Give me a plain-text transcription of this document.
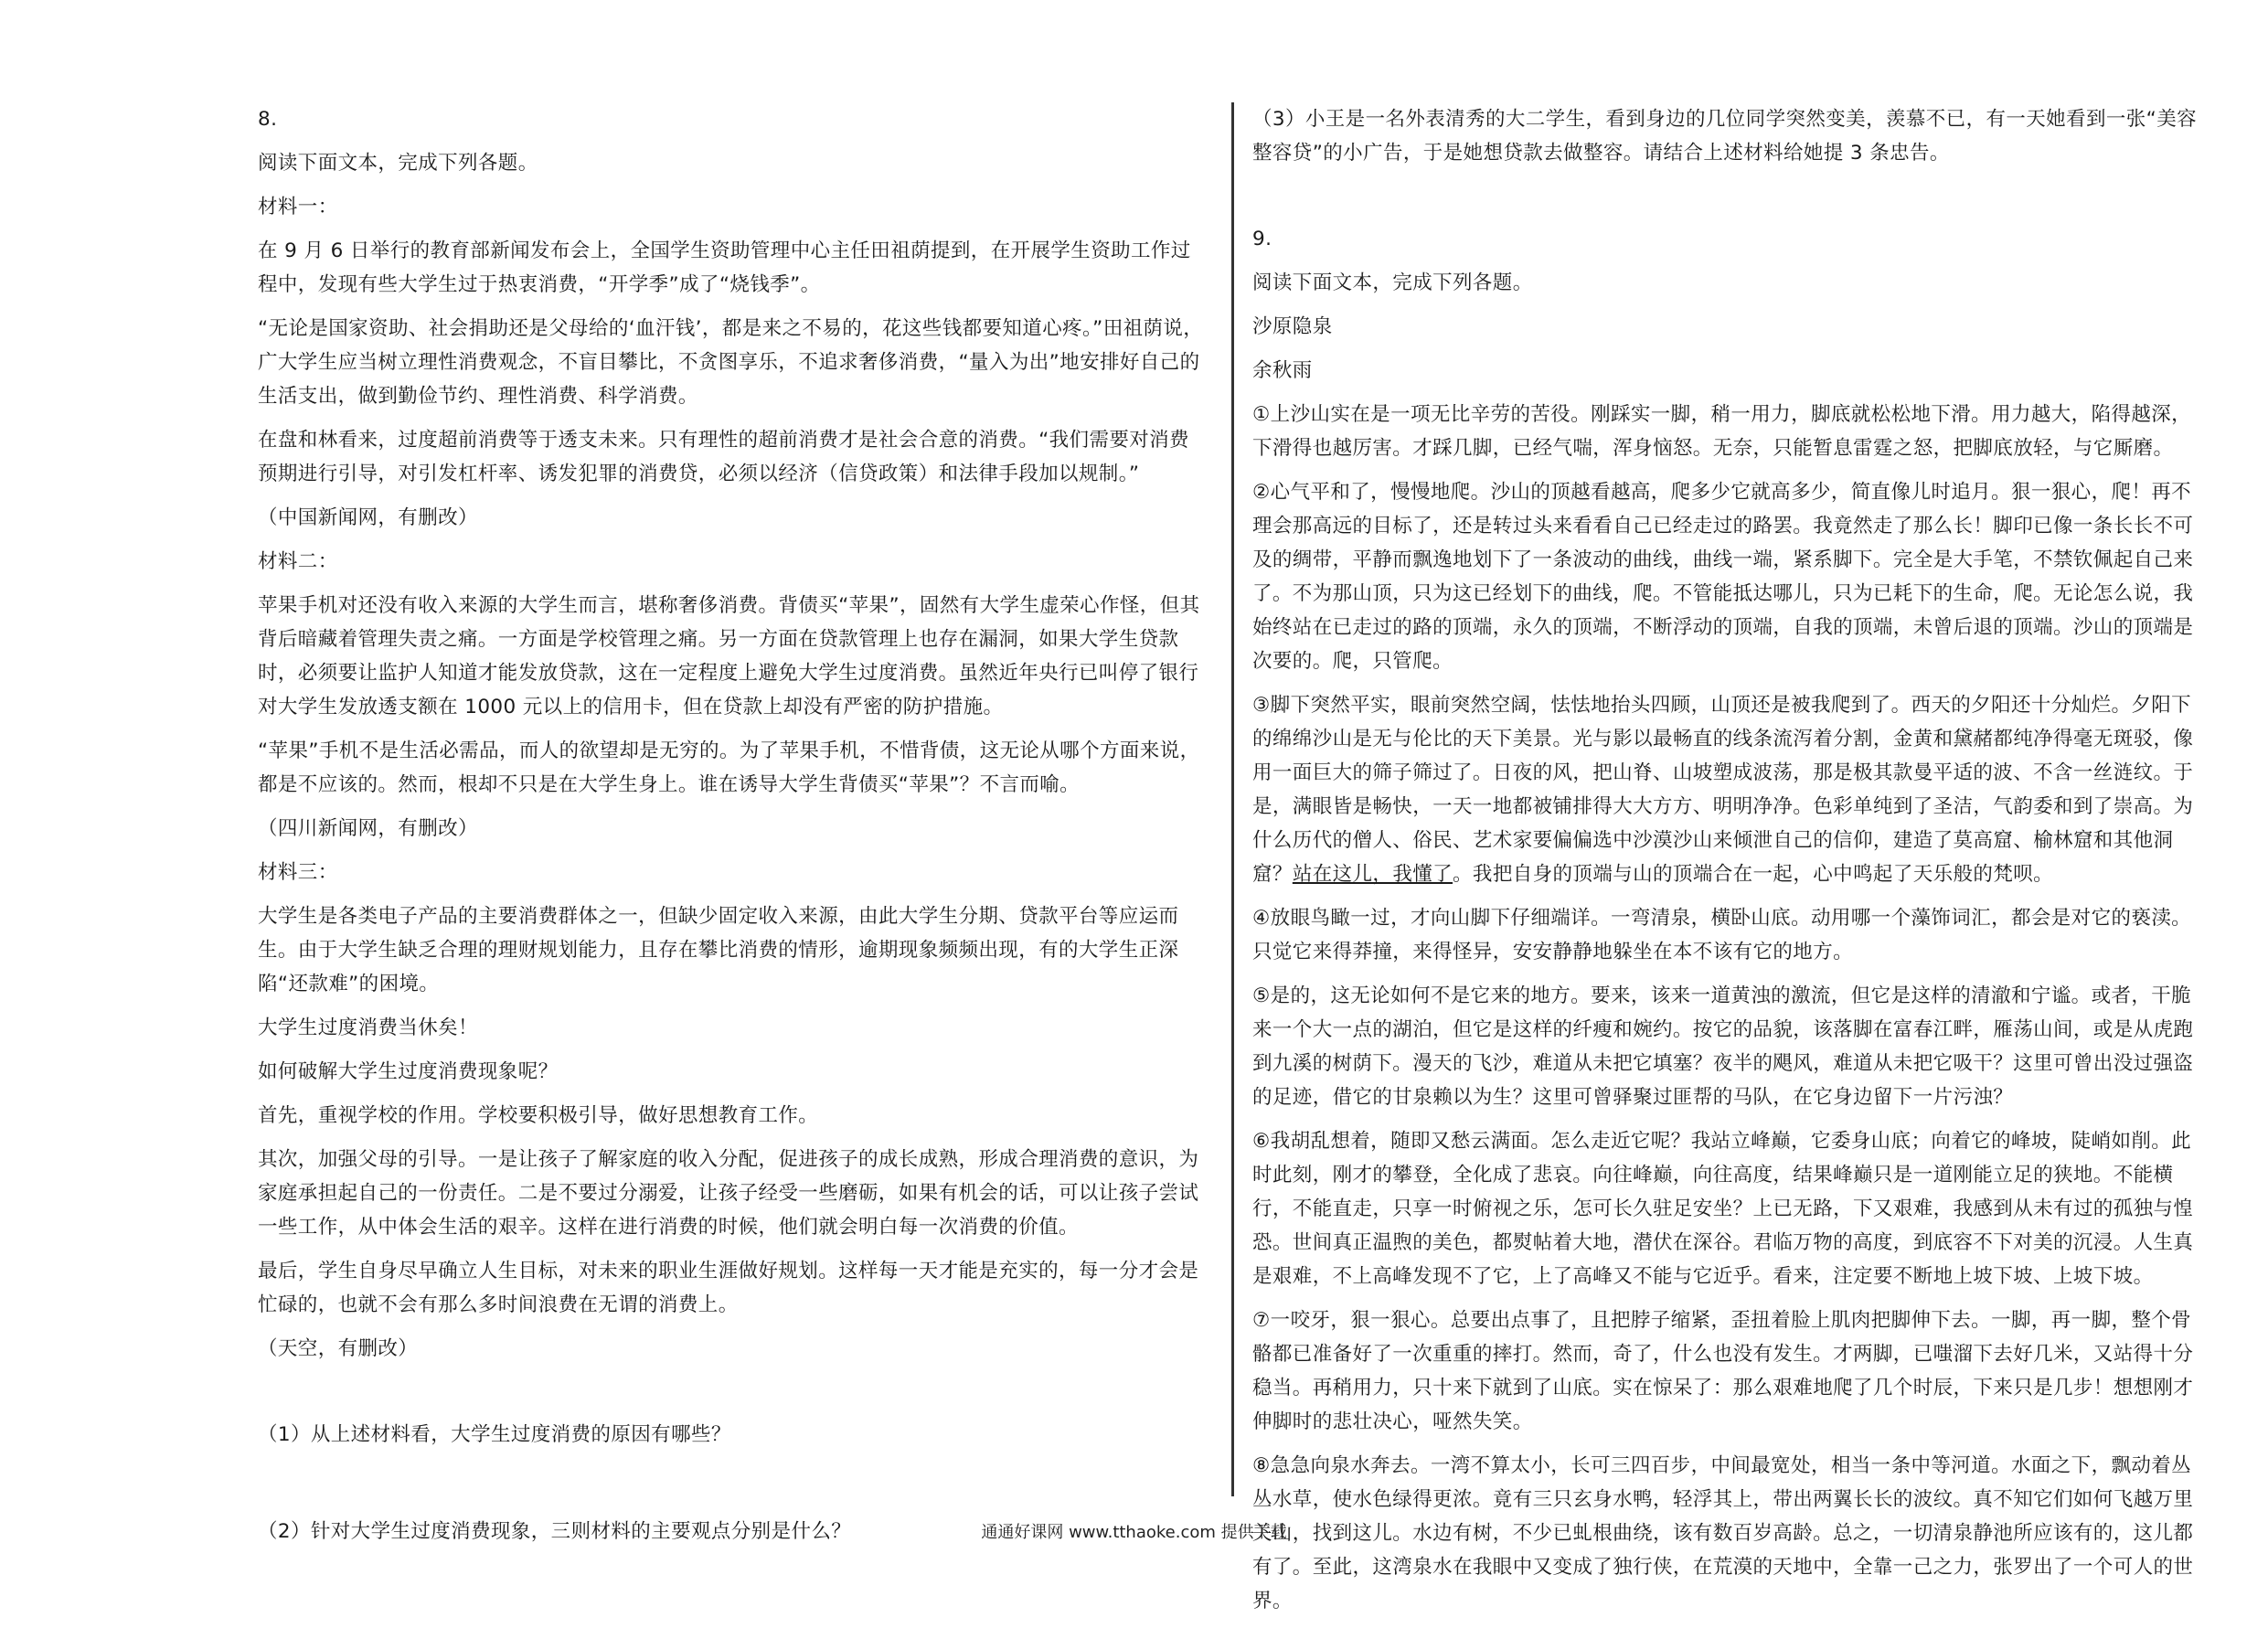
8.

阅读下面文本，完成下列各题。

材料一：

在 9 月 6 日举行的教育部新闻发布会上，全国学生资助管理中心主任田祖荫提到，在开展学生资助工作过程中，发现有些大学生过于热衷消费，“开学季”成了“烧钱季”。

“无论是国家资助、社会捐助还是父母给的‘血汗钱’，都是来之不易的，花这些钱都要知道心疼。”田祖荫说，广大学生应当树立理性消费观念，不盲目攀比，不贪图享乐，不追求奢侈消费，“量入为出”地安排好自己的生活支出，做到勤俭节约、理性消费、科学消费。

在盘和林看来，过度超前消费等于透支未来。只有理性的超前消费才是社会合意的消费。“我们需要对消费预期进行引导，对引发杠杆率、诱发犯罪的消费贷，必须以经济（信贷政策）和法律手段加以规制。”

（中国新闻网，有删改）

材料二：

苹果手机对还没有收入来源的大学生而言，堪称奢侈消费。背债买“苹果”，固然有大学生虚荣心作怪，但其背后暗藏着管理失责之痛。一方面是学校管理之痛。另一方面在贷款管理上也存在漏洞，如果大学生贷款时，必须要让监护人知道才能发放贷款，这在一定程度上避免大学生过度消费。虽然近年央行已叫停了银行对大学生发放透支额在 1000 元以上的信用卡，但在贷款上却没有严密的防护措施。

“苹果”手机不是生活必需品，而人的欲望却是无穷的。为了苹果手机，不惜背债，这无论从哪个方面来说，都是不应该的。然而，根却不只是在大学生身上。谁在诱导大学生背债买“苹果”？不言而喻。

（四川新闻网，有删改）

材料三：

大学生是各类电子产品的主要消费群体之一，但缺少固定收入来源，由此大学生分期、贷款平台等应运而生。由于大学生缺乏合理的理财规划能力，且存在攀比消费的情形，逾期现象频频出现，有的大学生正深陷“还款难”的困境。

大学生过度消费当休矣！

如何破解大学生过度消费现象呢？

首先，重视学校的作用。学校要积极引导，做好思想教育工作。

其次，加强父母的引导。一是让孩子了解家庭的收入分配，促进孩子的成长成熟，形成合理消费的意识，为家庭承担起自己的一份责任。二是不要过分溺爱，让孩子经受一些磨砺，如果有机会的话，可以让孩子尝试一些工作，从中体会生活的艰辛。这样在进行消费的时候，他们就会明白每一次消费的价值。

最后，学生自身尽早确立人生目标，对未来的职业生涯做好规划。这样每一天才能是充实的，每一分才会是忙碌的，也就不会有那么多时间浪费在无谓的消费上。

（天空，有删改）

（1）从上述材料看，大学生过度消费的原因有哪些？

（2）针对大学生过度消费现象，三则材料的主要观点分别是什么？

（3）小王是一名外表清秀的大二学生，看到身边的几位同学突然变美，羡慕不已，有一天她看到一张“美容整容贷”的小广告，于是她想贷款去做整容。请结合上述材料给她提 3 条忠告。

9.

阅读下面文本，完成下列各题。

沙原隐泉

余秋雨

①上沙山实在是一项无比辛劳的苦役。刚踩实一脚，稍一用力，脚底就松松地下滑。用力越大，陷得越深，下滑得也越厉害。才踩几脚，已经气喘，浑身恼怒。无奈，只能暂息雷霆之怒，把脚底放轻，与它厮磨。

②心气平和了，慢慢地爬。沙山的顶越看越高，爬多少它就高多少，简直像儿时追月。狠一狠心，爬！再不理会那高远的目标了，还是转过头来看看自己已经走过的路罢。我竟然走了那么长！脚印已像一条长长不可及的绸带，平静而飘逸地划下了一条波动的曲线，曲线一端，紧系脚下。完全是大手笔，不禁钦佩起自己来了。不为那山顶，只为这已经划下的曲线，爬。不管能抵达哪儿，只为已耗下的生命，爬。无论怎么说，我始终站在已走过的路的顶端，永久的顶端，不断浮动的顶端，自我的顶端，未曾后退的顶端。沙山的顶端是次要的。爬，只管爬。

③脚下突然平实，眼前突然空阔，怯怯地抬头四顾，山顶还是被我爬到了。西天的夕阳还十分灿烂。夕阳下的绵绵沙山是无与伦比的天下美景。光与影以最畅直的线条流泻着分割，金黄和黛赭都纯净得毫无斑驳，像用一面巨大的筛子筛过了。日夜的风，把山脊、山坡塑成波荡，那是极其款曼平适的波、不含一丝涟纹。于是，满眼皆是畅快，一天一地都被铺排得大大方方、明明净净。色彩单纯到了圣洁，气韵委和到了崇高。为什么历代的僧人、俗民、艺术家要偏偏选中沙漠沙山来倾泄自己的信仰，建造了莫高窟、榆林窟和其他洞窟？站在这儿，我懂了。我把自身的顶端与山的顶端合在一起，心中鸣起了天乐般的梵呗。

④放眼鸟瞰一过，才向山脚下仔细端详。一弯清泉，横卧山底。动用哪一个藻饰词汇，都会是对它的亵渎。只觉它来得莽撞，来得怪异，安安静静地躲坐在本不该有它的地方。

⑤是的，这无论如何不是它来的地方。要来，该来一道黄浊的激流，但它是这样的清澈和宁谧。或者，干脆来一个大一点的湖泊，但它是这样的纤瘦和婉约。按它的品貌，该落脚在富春江畔，雁荡山间，或是从虎跑到九溪的树荫下。漫天的飞沙，难道从未把它填塞？夜半的飓风，难道从未把它吸干？这里可曾出没过强盗的足迹，借它的甘泉赖以为生？这里可曾驿聚过匪帮的马队，在它身边留下一片污浊？

⑥我胡乱想着，随即又愁云满面。怎么走近它呢？我站立峰巅，它委身山底；向着它的峰坡，陡峭如削。此时此刻，刚才的攀登，全化成了悲哀。向往峰巅，向往高度，结果峰巅只是一道刚能立足的狭地。不能横行，不能直走，只享一时俯视之乐，怎可长久驻足安坐？上已无路，下又艰难，我感到从未有过的孤独与惶恐。世间真正温煦的美色，都熨帖着大地，潜伏在深谷。君临万物的高度，到底容不下对美的沉浸。人生真是艰难，不上高峰发现不了它，上了高峰又不能与它近乎。看来，注定要不断地上坡下坡、上坡下坡。

⑦一咬牙，狠一狠心。总要出点事了，且把脖子缩紧，歪扭着脸上肌肉把脚伸下去。一脚，再一脚，整个骨骼都已准备好了一次重重的摔打。然而，奇了，什么也没有发生。才两脚，已嗤溜下去好几米，又站得十分稳当。再稍用力，只十来下就到了山底。实在惊呆了：那么艰难地爬了几个时辰，下来只是几步！想想刚才伸脚时的悲壮决心，哑然失笑。

⑧急急向泉水奔去。一湾不算太小，长可三四百步，中间最宽处，相当一条中等河道。水面之下，飘动着丛丛水草，使水色绿得更浓。竟有三只玄身水鸭，轻浮其上，带出两翼长长的波纹。真不知它们如何飞越万里关山，找到这儿。水边有树，不少已虬根曲绕，该有数百岁高龄。总之，一切清泉静池所应该有的，这儿都有了。至此，这湾泉水在我眼中又变成了独行侠，在荒漠的天地中，全靠一己之力，张罗出了一个可人的世界。

通通好课网 www.tthaoke.com 提供下载
